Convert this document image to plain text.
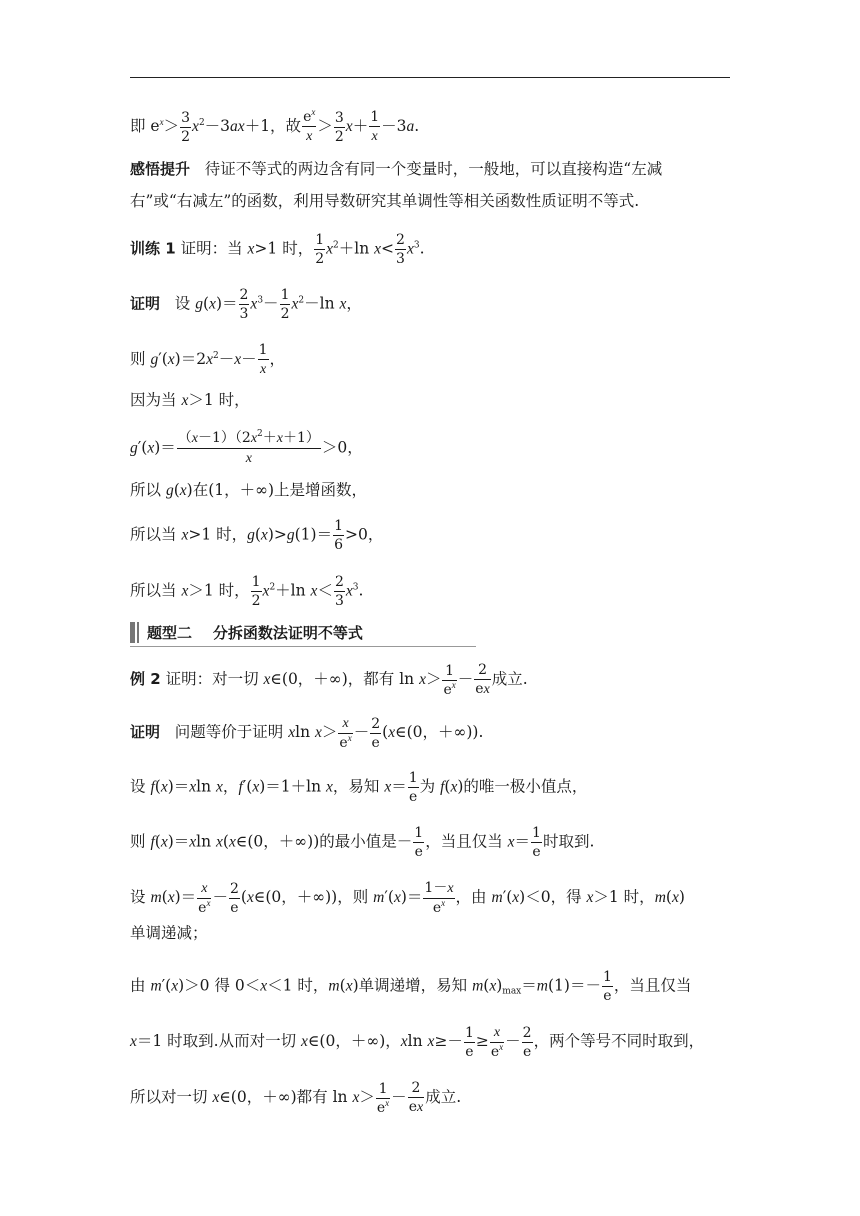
即 $e^x> \frac{3}{2} x^2-3ax+1$，故 $\frac{e^x}{x} > \frac{3}{2} x+ \frac{1}{x} -3a$.
感悟提升 待证不等式的两边含有同一个变量时，一般地，可以直接构造“左减
右”或“右减左”的函数，利用导数研究其单调性等相关函数性质证明不等式.
训练 1 证明：当 x>1 时， $\frac{1}{2} x^2+\ln$ $x< \frac{2}{3} x^3$.
证明   设 $g(x)= \frac{2}{3} x^3- \frac{1}{2} x^2-\ln$ x，
则 $g'(x)=2x^2-x- \frac{1}{x}$ ，
因为当 x＞1 时，
$g'(x)= \frac{(x-1)(2x^2+x+1)}{x} >0$，
所以 g(x)在(1，＋∞)上是增函数，
所以当 x>1 时，$g(x)>g(1)= \frac{1}{6} >0$，
所以当 x＞1 时， $\frac{1}{2} x^2+\ln$ $x< \frac{2}{3} x^3$.
题型二    分拆函数法证明不等式
例 2 证明：对一切 x∈(0，＋∞)，都有 $\ln x> \frac{1}{e^x} - \frac{2}{ex}$ 成立.
证明   问题等价于证明 xln $x> \frac{x}{e^x} - \frac{2}{e}$ (x∈(0，＋∞)).
设 f(x)＝xln x，f′(x)＝1＋ln x，易知 $x= \frac{1}{e}$ 为 f(x)的唯一极小值点，
则 f(x)＝xln x(x∈(0，＋∞))的最小值是－ $\frac{1}{e}$ ，当且仅当 $x= \frac{1}{e}$ 时取到.
设 $m(x)= \frac{x}{e^x} - \frac{2}{e}$ (x∈(0，＋∞))，则 $m'(x)= \frac{1-x}{e^x}$ ，由 m′(x)＜0，得 x＞1 时，m(x)
单调递减；
由 m′(x)＞0 得 0＜x＜1 时，m(x)单调递增，易知 $m(x)_{max}=m(1)=- \frac{1}{e}$ ，当且仅当
x＝1 时取到.从而对一切 x∈(0，＋∞)，xln $x\ge- \frac{1}{e} \ge \frac{x}{e^x} - \frac{2}{e}$ ，两个等号不同时取到，
所以对一切 x∈(0，＋∞)都有 $\ln x> \frac{1}{e^x} - \frac{2}{ex}$ 成立.
